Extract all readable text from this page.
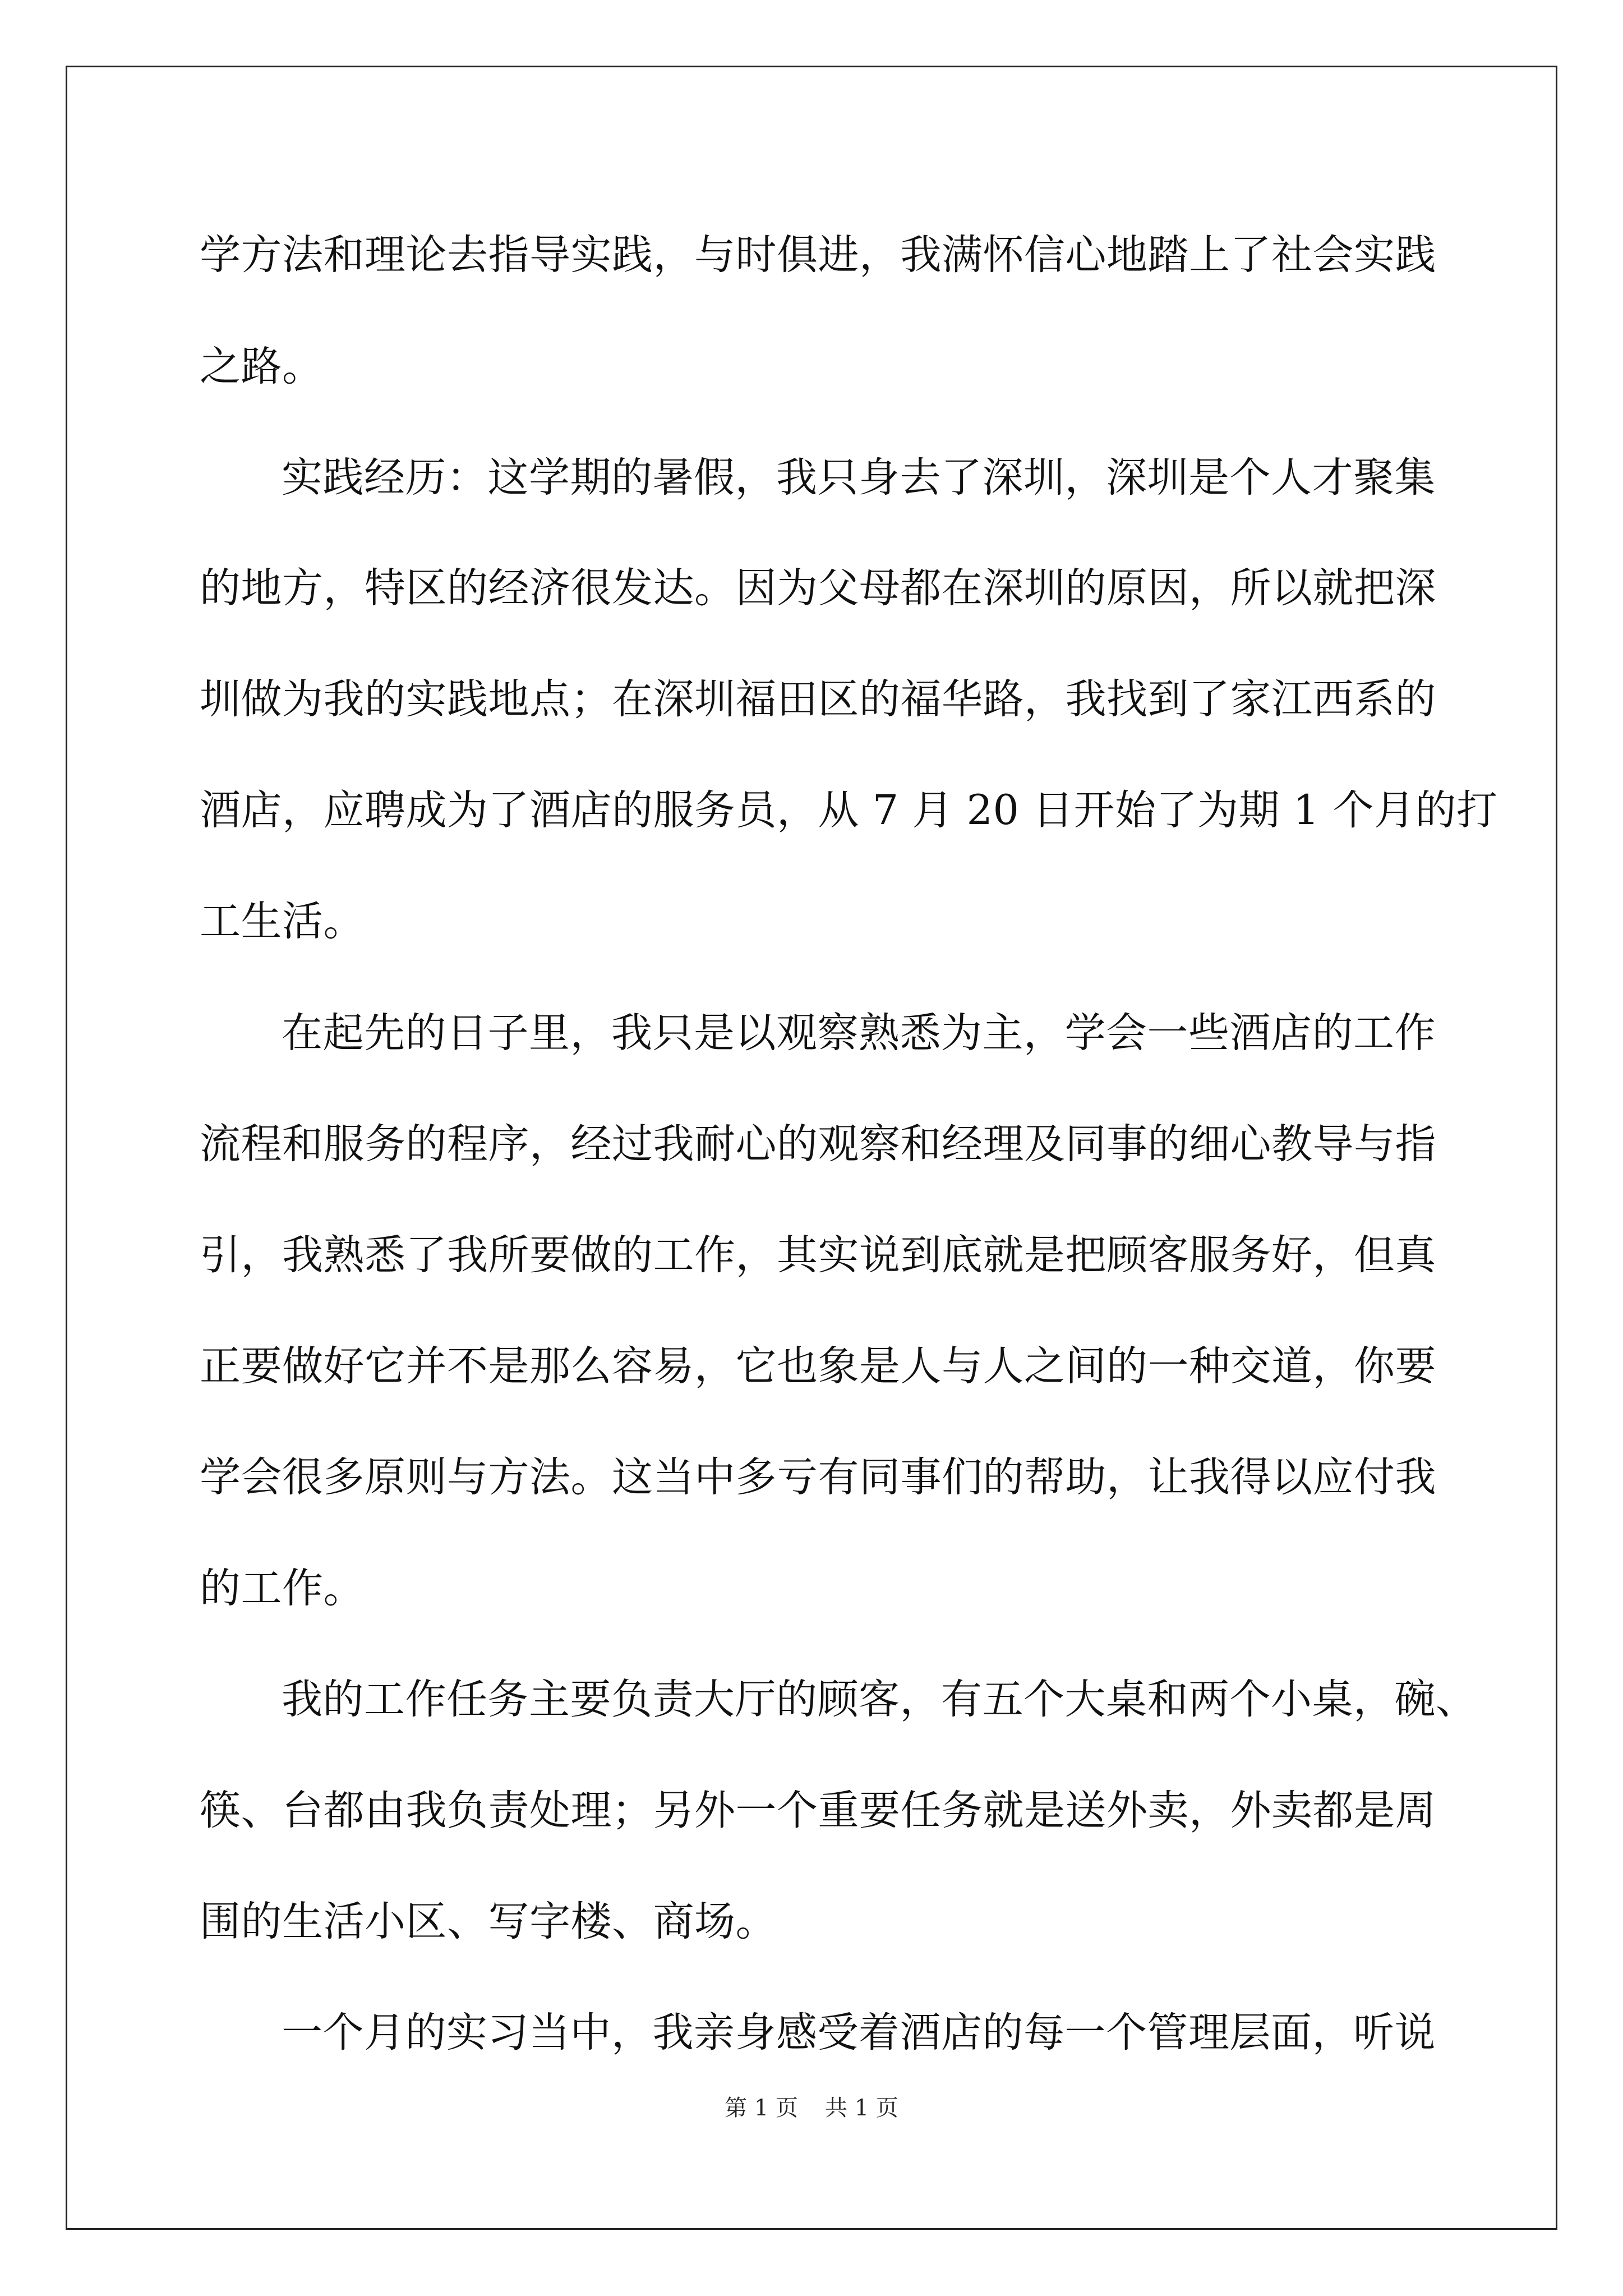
学方法和理论去指导实践，与时俱进，我满怀信心地踏上了社会实践
之路。
实践经历：这学期的暑假，我只身去了深圳，深圳是个人才聚集
的地方，特区的经济很发达。因为父母都在深圳的原因，所以就把深
圳做为我的实践地点；在深圳福田区的福华路，我找到了家江西系的
酒店，应聘成为了酒店的服务员，从 7 月 20 日开始了为期 1 个月的打
工生活。
在起先的日子里，我只是以观察熟悉为主，学会一些酒店的工作
流程和服务的程序，经过我耐心的观察和经理及同事的细心教导与指
引，我熟悉了我所要做的工作，其实说到底就是把顾客服务好，但真
正要做好它并不是那么容易，它也象是人与人之间的一种交道，你要
学会很多原则与方法。这当中多亏有同事们的帮助，让我得以应付我
的工作。
我的工作任务主要负责大厅的顾客，有五个大桌和两个小桌，碗、
筷、台都由我负责处理；另外一个重要任务就是送外卖，外卖都是周
围的生活小区、写字楼、商场。
一个月的实习当中，我亲身感受着酒店的每一个管理层面，听说
第 1 页 共 1 页
